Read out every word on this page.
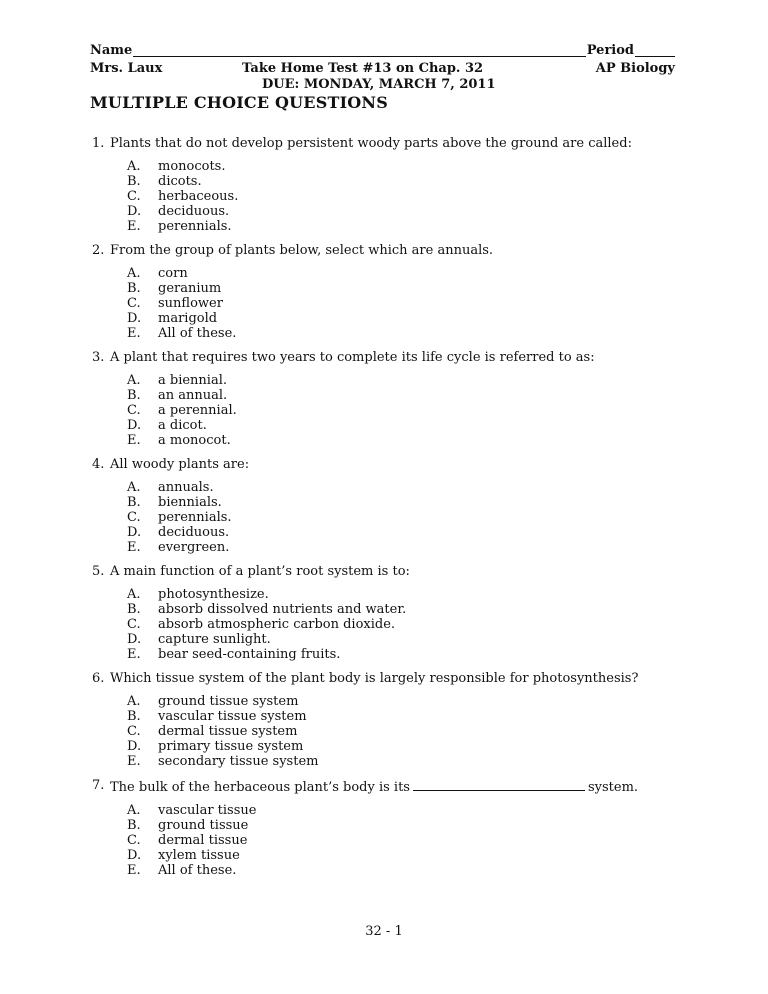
Name	Period
Mrs. Laux	Take Home Test #13 on Chap. 32	AP Biology
DUE: MONDAY, MARCH 7, 2011
MULTIPLE CHOICE QUESTIONS
1. Plants that do not develop persistent woody parts above the ground are called:
A.	monocots.
B.	dicots.
C.	herbaceous.
D.	deciduous.
E.	perennials.
2. From the group of plants below, select which are annuals.
A.	corn
B.	geranium
C.	sunflower
D.	marigold
E.	All of these.
3. A plant that requires two years to complete its life cycle is referred to as:
A.	a biennial.
B.	an annual.
C.	a perennial.
D.	a dicot.
E.	a monocot.
4. All woody plants are:
A.	annuals.
B.	biennials.
C.	perennials.
D.	deciduous.
E.	evergreen.
5. A main function of a plant’s root system is to:
A.	photosynthesize.
B.	absorb dissolved nutrients and water.
C.	absorb atmospheric carbon dioxide.
D.	capture sunlight.
E.	bear seed-containing fruits.
6. Which tissue system of the plant body is largely responsible for photosynthesis?
A.	ground tissue system
B.	vascular tissue system
C.	dermal tissue system
D.	primary tissue system
E.	secondary tissue system
7. The bulk of the herbaceous plant’s body is its	system.
A.	vascular tissue
B.	ground tissue
C.	dermal tissue
D.	xylem tissue
E.	All of these.
32 - 1
